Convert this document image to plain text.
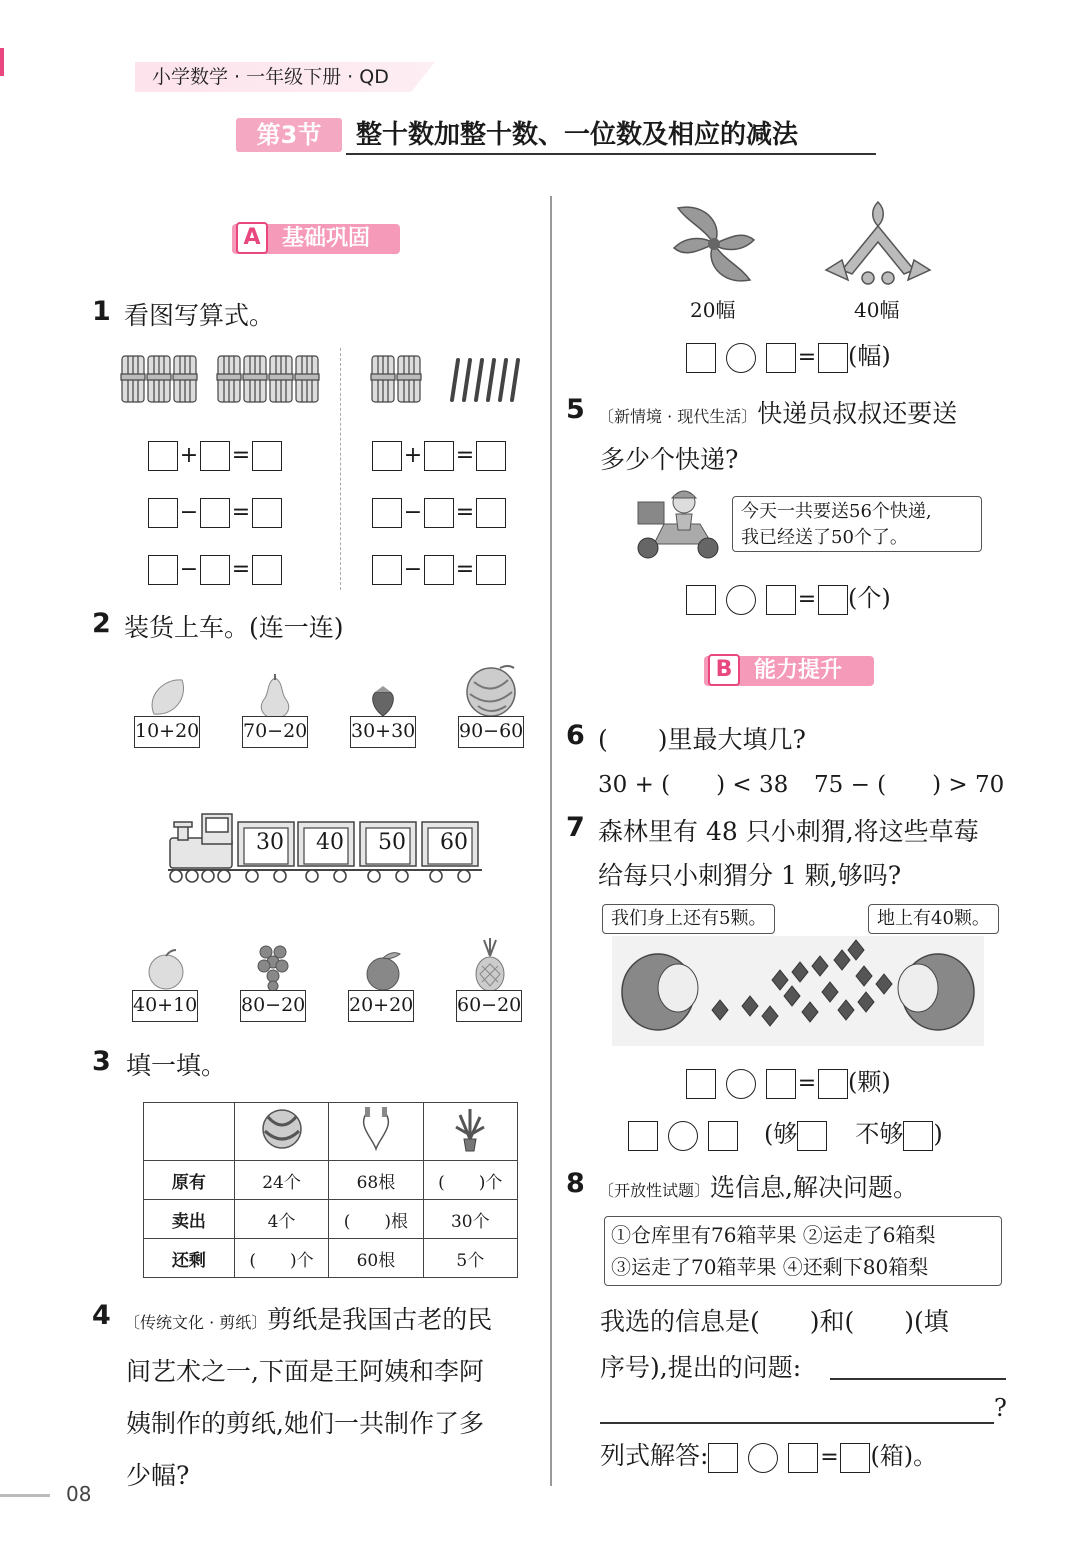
小学数学 · 一年级下册 · QD
第3节	整十数加整十数、一位数及相应的减法
A 基础巩固
1 看图写算式。
+ =
− =
− =
+ =
− =
− =
2 装货上车。(连一连)
10+20 70−20 30+30 90−60
30	40	50	60
40+10 80−20 20+20 60−20
3 填一填。

原有	24个	68根	(　　)个
卖出	4个	(　　)根	30个
还剩	(　　)个	60根	5个
4 〔传统文化 · 剪纸〕剪纸是我国古老的民
间艺术之一,下面是王阿姨和李阿
姨制作的剪纸,她们一共制作了多
少幅?
08
20幅	40幅
= (幅)
5 〔新情境 · 现代生活〕快递员叔叔还要送
多少个快递?
今天一共要送56个快递,
我已经送了50个了。
= (个)
B 能力提升
6 (　　)里最大填几?
30 + (　　) < 38 75 − (　　) > 70
7 森林里有 48 只小刺猬,将这些草莓
给每只小刺猬分 1 颗,够吗?
我们身上还有5颗。	地上有40颗。
= (颗)
(够 不够 )
8 〔开放性试题〕选信息,解决问题。
①仓库里有76箱苹果 ②运走了6箱梨
③运走了70箱苹果 ④还剩下80箱梨
我选的信息是(　　)和(　　)(填
序号),提出的问题:
?
列式解答:	= (箱)。
